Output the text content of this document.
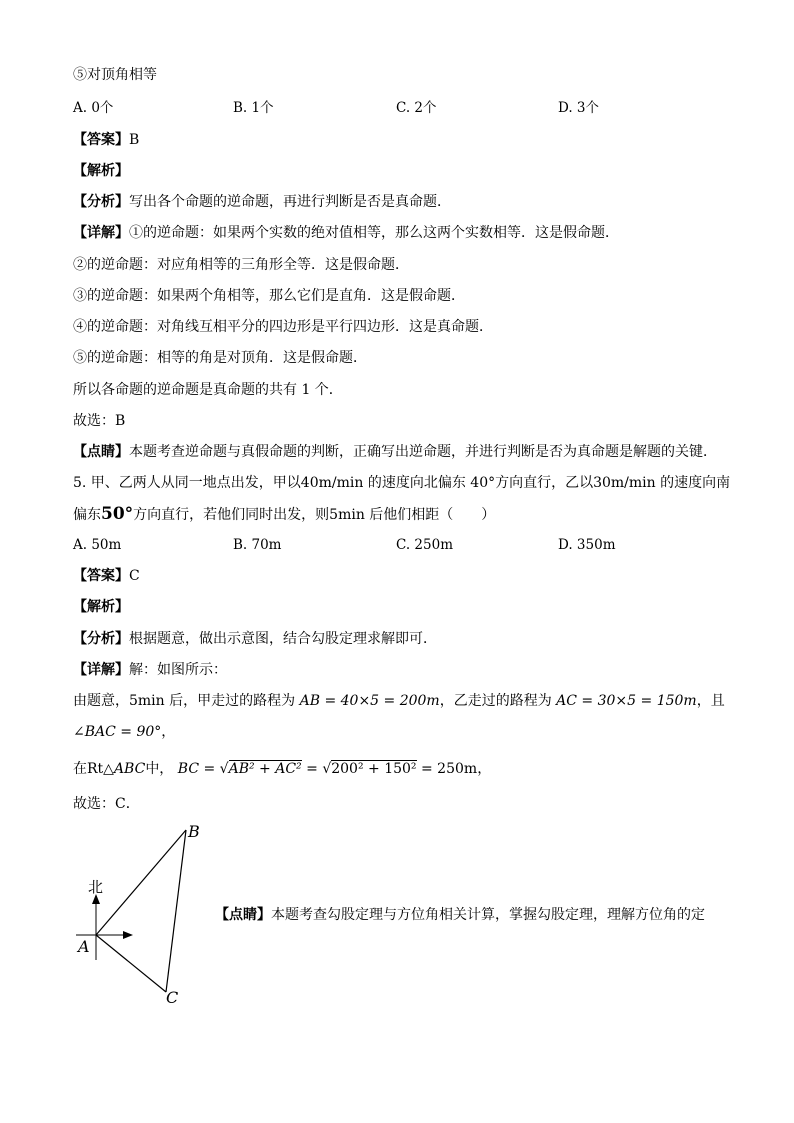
⑤对顶角相等
A. 0个	B. 1个	C. 2个	D. 3个
【答案】B
【解析】
【分析】写出各个命题的逆命题，再进行判断是否是真命题．
【详解】①的逆命题：如果两个实数的绝对值相等，那么这两个实数相等．这是假命题．
②的逆命题：对应角相等的三角形全等．这是假命题．
③的逆命题：如果两个角相等，那么它们是直角．这是假命题．
④的逆命题：对角线互相平分的四边形是平行四边形．这是真命题．
⑤的逆命题：相等的角是对顶角．这是假命题．
所以各命题的逆命题是真命题的共有 1 个．
故选：B
【点睛】本题考查逆命题与真假命题的判断，正确写出逆命题，并进行判断是否为真命题是解题的关键．
5. 甲、乙两人从同一地点出发，甲以40m/min 的速度向北偏东 40°方向直行，乙以30m/min 的速度向南
偏东50°方向直行，若他们同时出发，则5min 后他们相距（　　）
A. 50m	B. 70m	C. 250m	D. 350m
【答案】C
【解析】
【分析】根据题意，做出示意图，结合勾股定理求解即可．
【详解】解：如图所示：
由题意，5min 后，甲走过的路程为 AB = 40×5 = 200m，乙走过的路程为 AC = 30×5 = 150m，且
∠BAC = 90°，
在Rt△ABC中， BC = √AB² + AC² = √200² + 150² = 250m，
故选：C．
北
B
A
C
【点睛】本题考查勾股定理与方位角相关计算，掌握勾股定理，理解方位角的定
